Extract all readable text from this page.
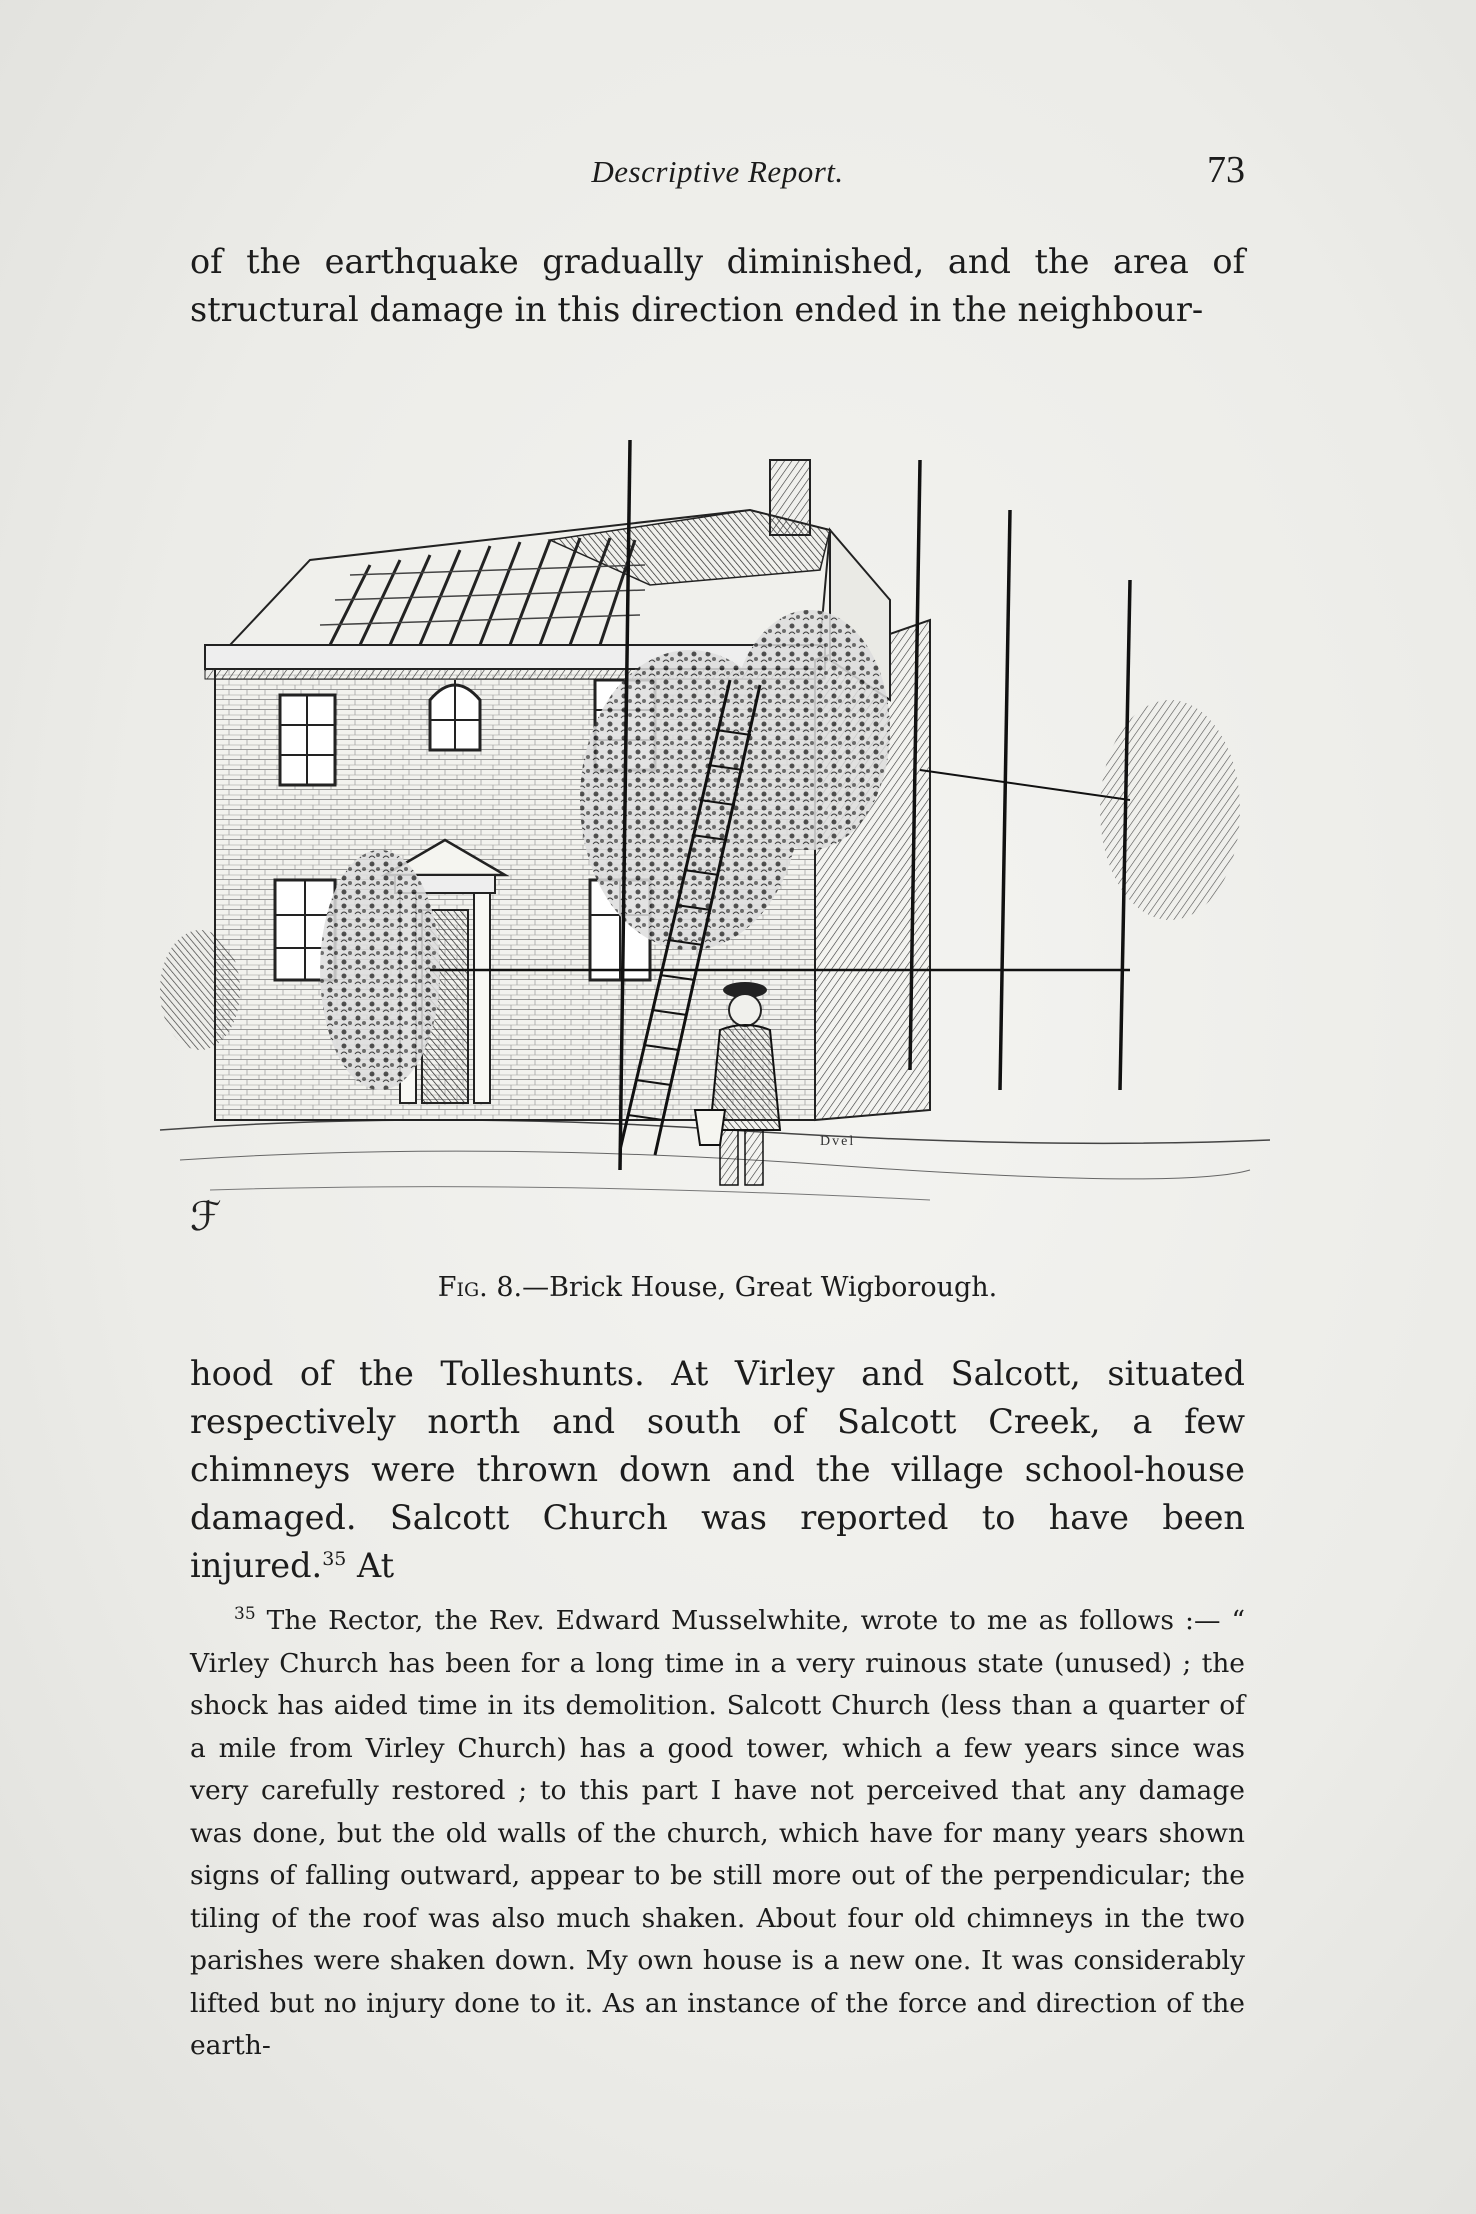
Descriptive Report.	73

of the earthquake gradually diminished, and the area of structural damage in this direction ended in the neighbour-

ℱ
Dvel
Fig. 8.—Brick House, Great Wigborough.

hood of the Tolleshunts. At Virley and Salcott, situated respectively north and south of Salcott Creek, a few chimneys were thrown down and the village school-house damaged. Salcott Church was reported to have been injured.$^{35}$ At

$^{35}$ The Rector, the Rev. Edward Musselwhite, wrote to me as follows :— “ Virley Church has been for a long time in a very ruinous state (unused) ; the shock has aided time in its demolition. Salcott Church (less than a quarter of a mile from Virley Church) has a good tower, which a few years since was very carefully restored ; to this part I have not perceived that any damage was done, but the old walls of the church, which have for many years shown signs of falling outward, appear to be still more out of the perpendicular; the tiling of the roof was also much shaken. About four old chimneys in the two parishes were shaken down. My own house is a new one. It was considerably lifted but no injury done to it. As an instance of the force and direction of the earth-
